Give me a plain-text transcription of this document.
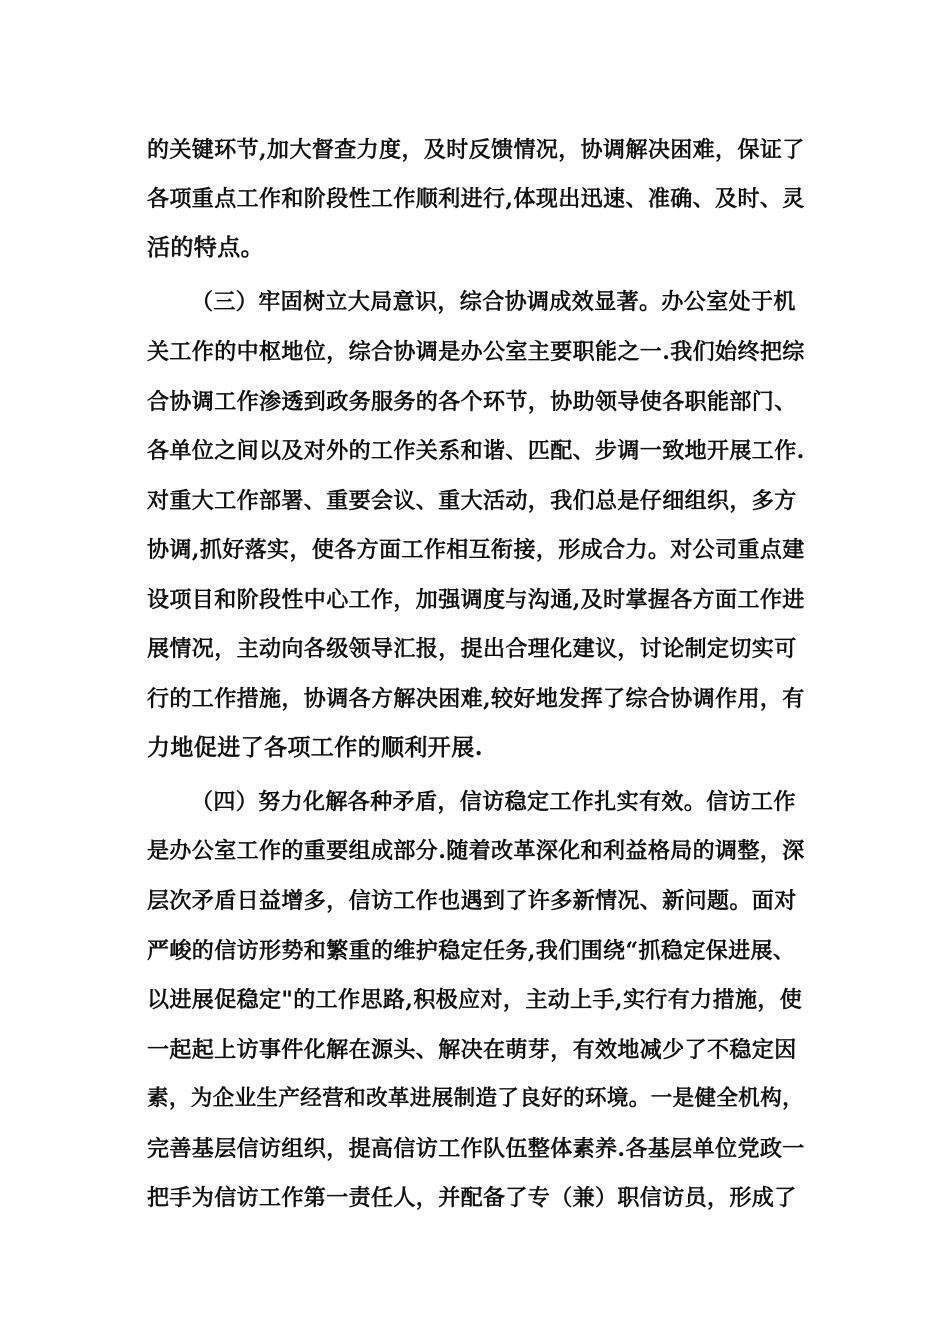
的关键环节,加大督查力度，及时反馈情况，协调解决困难，保证了
各项重点工作和阶段性工作顺利进行,体现出迅速、准确、及时、灵
活的特点。
（三）牢固树立大局意识，综合协调成效显著。办公室处于机
关工作的中枢地位，综合协调是办公室主要职能之一.我们始终把综
合协调工作渗透到政务服务的各个环节，协助领导使各职能部门、
各单位之间以及对外的工作关系和谐、匹配、步调一致地开展工作.
对重大工作部署、重要会议、重大活动，我们总是仔细组织，多方
协调,抓好落实，使各方面工作相互衔接，形成合力。对公司重点建
设项目和阶段性中心工作，加强调度与沟通,及时掌握各方面工作进
展情况，主动向各级领导汇报，提出合理化建议，讨论制定切实可
行的工作措施，协调各方解决困难,较好地发挥了综合协调作用，有
力地促进了各项工作的顺利开展.
（四）努力化解各种矛盾，信访稳定工作扎实有效。信访工作
是办公室工作的重要组成部分.随着改革深化和利益格局的调整，深
层次矛盾日益增多，信访工作也遇到了许多新情况、新问题。面对
严峻的信访形势和繁重的维护稳定任务,我们围绕“抓稳定保进展、
以进展促稳定"的工作思路,积极应对，主动上手,实行有力措施，使
一起起上访事件化解在源头、解决在萌芽，有效地减少了不稳定因
素，为企业生产经营和改革进展制造了良好的环境。一是健全机构，
完善基层信访组织，提高信访工作队伍整体素养.各基层单位党政一
把手为信访工作第一责任人，并配备了专（兼）职信访员，形成了
